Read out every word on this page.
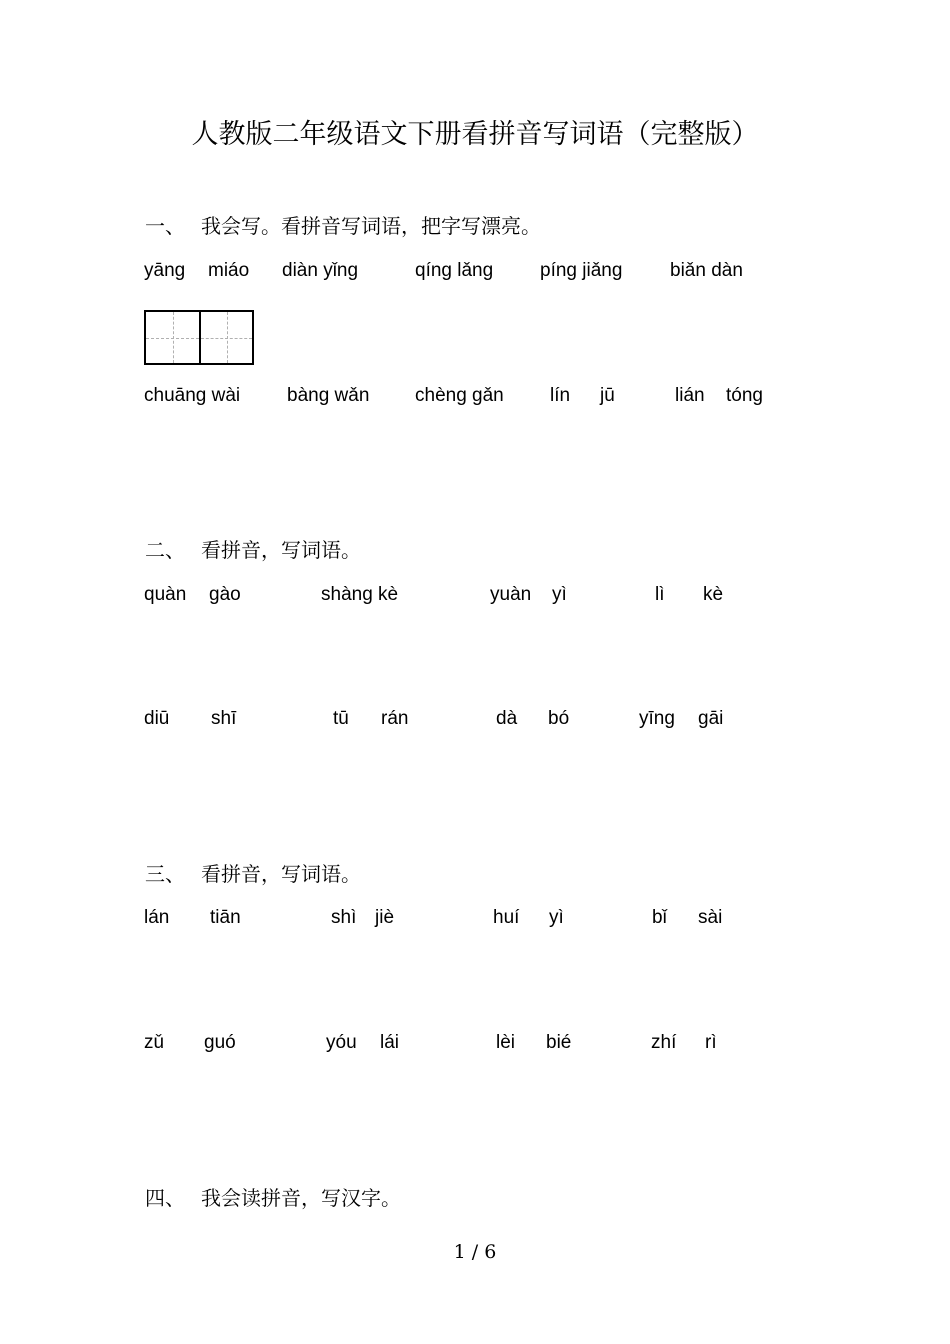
人教版二年级语文下册看拼音写词语（完整版）
一、 我会写。看拼音写词语，把字写漂亮。
yāng miáo diàn yǐng	qíng lǎng píng jiǎng	biǎn dàn
chuāng wài bàng wǎn chèng gǎn lín jū	lián tóng
二、 看拼音，写词语。
quàn gào	shàng kè	yuàn yì	lì kè
diū shī	tū rán	dà bó	yīng gāi
三、 看拼音，写词语。
lán tiān	shì jiè	huí yì	bǐ sài
zǔ guó	yóu lái	lèi bié	zhí rì
四、 我会读拼音，写汉字。
1 / 6
